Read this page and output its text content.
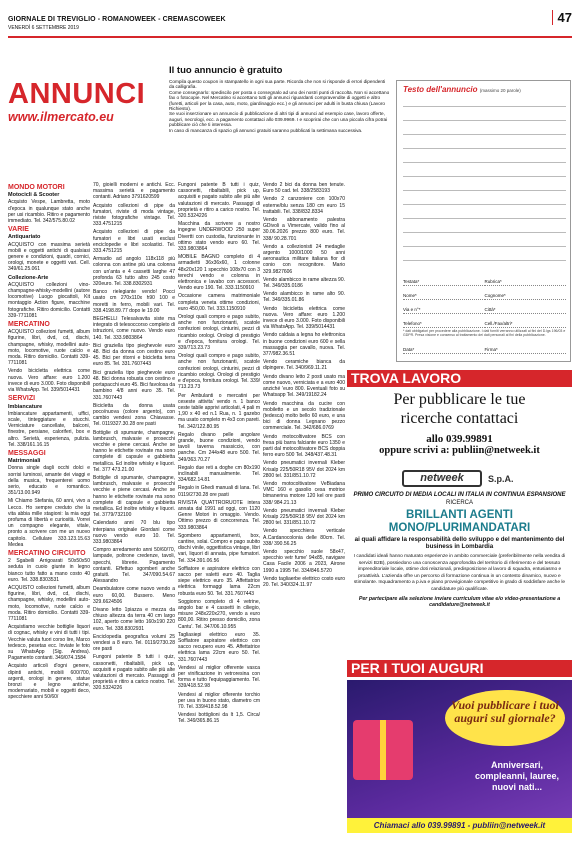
GIORNALE DI TREVIGLIO - ROMANOWEEK - CREMASCOWEEK
VENERDÌ 6 SETTEMBRE 2019
47
ANNUNCI
www.ilmercato.eu
Il tuo annuncio è gratuito

Compila questo coupon in stampatello in ogni sua parte. Ricorda che non si risponde di errori dipendenti da calligrafia.

Come consegnarlo: spediscilo per posta o consegnalo ad uno dei nostri punti di raccolta. Non si accettano fax o fotocopie. Nel Mercatino si accettano tutti gli annunci riguardanti compravendite di oggetti e altro (furetti, articoli per la casa, auto, moto, giardinaggio ecc.) e gli annunci per adulti in busta chiusa (Lavoro Richiesto).

Se vuoi inserzionare un annuncio di pubblicazione di altri tipi di annunci ad esempio case, lavoro offerte, auguri, necrologi, ecc. a pagamento contattaci allo 039.9969. I e scoprirai che con una piccola cifra potrai pubblicare ciò che ti interessa.

In caso di mancanza di spazio gli annunci gratuiti saranno pubblicati la settimana successiva.

Testo dell'annuncio (massimo 20 parole)
Testata*	Rubrica*
Nome*	Cognome*
Via e n°*	Città*
Telefono*	Cell./Fax/altri*
* dati obbligatori per procedere alla pubblicazione. I dati forniti verranno utilizzati ai fini del D.lgs 196/03 e GDPR. Presa visione e consenso al trattamento dei dati personali ai fini della pubblicazione.
Data*	Firma*
MONDO MOTORI
Motocicli & Scooter

Acquisto Vespe, Lambretta, moto d'epoca in qualunque stato anche per usi ricambio. Ritiro e pagamento immediato. Tel. 342/575.80.02

VARIE
Antiquariato

ACQUISTO con massima serietà mobili e oggetti antichi di qualsiasi genere e condizioni, quadri, cornici, orologi, monete e oggetti vari. Cell. 349/61.25.061

Collezione-Arte

ACQUISTO collezioni vino-champagne-whisky-modellini (autore locomotive) Luogo giocattoli, Kit montaggio Action figure, macchine fotografiche. Ritiro domicilio. Contatti 339-7711081

MERCATINO

ACQUISTO collezioni fumetti, album figurine, libri, dvd, cd, dischi, champagne, whisky, modellini auto-moto, locomotive, ruote calcio e moda. Ritiro domicilio. Contatti 339-7711081

Vendo bicicletta elettrica come nuova. Vero affare: euro 1.200 invece di euro 3.000. Foto disponibili via WhatsApp. Tel. 339/5014431

SERVIZI
Imbiancature

Imbiancature appartamenti, uffici, scale, tinteggiature e stucchi. Verniciature cancellate, balconi, finestre, persiane, caloriferi, box e altro. Serietà, esperienza, pulizia. Tel. 338/161.16.15

MESSAGGI
Matrimoniali

Donna single dagli occhi dolci e sorrisi luminosi, amante dei viaggi e della musica, frequenterei uomo serio, educato e romantico. 351/13.00.949

Mi Chiamo Stefania, 60 anni, vivo a Lecco. Ho sempre creduto che la vita abbia mille stagioni: la mia oggi profuma di libertà e curiosità. Vorrei un compagno elegante, vitale, pronto a scrivere con me un nuovo capitolo. Cellulare 333.123.15.63 Medea

MERCATINO CIRCUITO

2 Sgabelli Arrigoarati 50x50x50 seduta in cuoio giunte in legno bianco tutto fatto a mano costo 40 euro. Tel. 338.8303531

ACQUISTO collezioni fumetti, album figurine, libri, dvd, cd, dischi, champagne, whisky, modellini auto-moto, locomotive, ruote calcio e moda. Ritiro domicilio. Contatti 339-7711081

Acquistiamo vecchie bottiglie liquori di cognac, whisky e vini di tutti i tipi. Vecchie valuta fuori corso lire, Marco tedesco, pesetas ecc. Inviate le foto su WhatsApp (Sig. Andrea). Pagamento contanti. 349/074.1584

Acquisto articoli d'ogni genere, dipinti antichi, mobili 600/700, argenti, orologi in genere, statue bronzi e legno antiche, modernariato, mobili e oggetti deco, specchiere anni 50/60/

70, gioielli moderni e antichi. Ecc. massima serietà e pagamento contanti. Adriano 3791620599

Acquisto collezioni di pipe da fumatori, riviste di moda vintage, riviste fotografiche vintage. Tel. 333.4751215

Acquisto collezioni di pipe da fumatori e libri usati esclusi enciclopedie e libri scolastici. Tel. 333.4751215

Armadio ad angolo 118x118 più colonna con antine più una colonna con un'anta e 4 cassetti larghe 47 profonda 63 tutto altro 245 costo 320euro. Tel. 338.8302931

Banco rielegiante vendo! Pocci usato cm 270x110x h90 100 e moretti in ferro, mobili vari. Tel. 338.4198.89.77 dopo le 19.00

BEGHELLI Telesalvavita siste ma integrato di telesoccorso completo di istruzioni, come nuovo. Vendo euro 140. Tel. 333.9803864

Bici graziella tipo pieghevole euro 48. Bici da donna con cestino euro 45. Bici per ritorni e bicicletta terra euro 85. Tel. 331.7607443

Bici graziella tipo pieghevole euro 48. Bici donna robusta con cestino e portapacchi euro 45. Bici favolosa da bambino 4/8 anni euro 35. Tel. 331.7607443

Bicicletta da donna usata poco/nuova (colore argento), con cambio vendesi zona Chiavasse. Tel. 0119327.30.28 ore pasti

Bottiglie di spumante, champagne, lambrusch, malvasie e prosecchi vecchie e piene cercasi. Anche se hanno le etichette rovinate ma sono complete di capsule e gabbietta metallica. Ed inoltre whisky e liquori. Tel. 377 473.21.00

Bottiglie di spumante, champagne, lambrusch, malvasie e prosecchi vecchie e piene cercasi. Anche se hanno le etichette rovinate ma sono complete di capsule e gabbietta metallica. Ed inoltre whisky e liquori. Tel. 3779/732100

Calendario anni 70 blu tipo interpiana originale Giordani come nuovo vendo euro 10. Tel. 333.9803864

Compro arredamento anni 50/60/70, lampade, poltrone credenze, tavoli, specchi, librerie. Pagamento contanti. Effettuo sgomberi anche gratuiti. Tel. 347/090.54.67 Alessandro

Deambulatore come nuovo vendo a euro 60,00. Bussero. Meno 329.6624506

Divano letto 1piazza e mezza da chiuso altezza da terra 40 cm largo 102, aperto come letto 160x190 220 euro. Tel. 338.8302931

Enciclopedia geografica volumi 25 vendesi a 8 euro. Tel. 0119/2730.28 ore pasti

Fungoni patente B tutti i quiz, cassonetti, ribaltabili, pick up, acquisiti e pagato subito alle più alte valutazioni di mercato. Passaggi di proprietà e ritiro a carico nostro. Tel. 320.5324226

Fungoni patente B tutti i quiz, cassonetti, ribaltabili, pick up, acquisiti e pagato subito alle più alte valutazioni di mercato. Passaggi di proprietà e ritiro a carico nostro. Tel. 320.5324226

Macchina da scrivere a nostro ingegne UNDERWOOD 250 super Divertti con custodia, funzionante in ottimo stato vendo euro 60. Tel. 333.9803864

MOBILE BAGNO completo di 4 armadietti 36x36x60, 1 colonne 48x20x120 1 specchio 108x70 con 3 terechi vendo e colonna in elettronica e lavabo con accessori. Vendo euro 190. Tel. 333.1150910

Occasione camera matrimoniale completa veneta ottime condizioni, euro 450,00. Tel. 333.1150910

Orologi quali compro e pago subito, anche non funzionanti, scatole confezioni orologi, cinturini, pezzi di ricambio orologi. Orologi di prestigio e d'epoca, fornitura orologi. Tel. 339/713.23.73

Orologi quali compro e pago subito, anche non funzionanti, scatole confezioni orologi, cinturini, pezzi di ricambio orologi. Orologi di prestigio e d'epoca, fornitura orologi. Tel. 339/ 713.23.73

Per Ambulanti o mercatini per ceseste attivita' vendo n. 1 banco ceste tabile apprivi articolati, 4 pali m 1,90 x 40 ed n.1 Rua, n. 1 gazebo ma usato completo m 4x3 con pareti. Tel. 342/122.80.95

Regalo divano pelle angolare grande, buone condizioni, vendo tavoli taverna massiccio, con panche. Cm 244x48 euro 500. Tel. 349/363.70.27

Regalo due reti a doghe cm 80x190 inclinabili manualmente. Tel. 334/682.14.81

Regalo in Ghedi manuali di lana. Tel. 0119/2730.28 ore pasti

RIVISTA QUATTRORUOTE intera annata dal 1991 ad oggi, con 1120 Genre Motori in omaggio. Vendo. Ottimo prezzo di concorrenza. Tel. 333.9803864

Sgombero appartamenti, box, cantine, solai. Compro e pago subito dischi vinile, oggettistica vintage, libri vari, liquori di annata, pipe fumatori. Tel. 334.391.06.56

Soffiatore e aspiratore elettrico con sacco per valetti euro 40. Taglia siepe elettrico euro 35. Affettatrice elettrica formaggi lama 22cm robusta euro 50. Tel. 331.7607443

Soggiorno completo di 4 vetrine, angolo bar e 4 cassetti in ciliegio, misure 248x220x270, vendo a euro 800,00. Ritiro presso domicilio, zona Cantu'. Tel. 347/06.10.955

Tagliasiepi elettrico euro 35. Soffiatore aspiratore elettrico con sacco recupero euro 45. Affettatrice elettrica lama 22cm euro 50. Tel. 331.7607443

Vendesi al miglior offerente vasca per vinificazione in vetroresina con forma e tutto l'equipaggiamento. Tel. 339/418.52.98

Vendesi al miglior offerente torchio per uva in buono stato, diametro cm 70. Tel. 339/418.52.98

Vendesi bottiglioni da lt 1,5. Circa/ Tel. 349/365.86.15

Vendo 2 bici da donna ben tenute. Euro 50 cad. tel. 338/2583193

Vendo 2 canzoniere con 100x70 esterne/blu senza 180 cm euro 15 trattabili. Tel. 338/832.8334

Vendo abbonamento palestra GDivoli a Vimercate, valido fino al 30.06.2026 prezzo 800 euro. Tel. 338/ 90.28.701

Vendo a collezionisti 24 medaglie argento 1000/1000 50 anni aeronautica militare italiana fior di conio con recognitore. Mario 329.9827606

Vendo alambicco in rame altezza 90. Tel. 349/335.0186

Vendo alambicco in rame alto 90. Tel. 349/335.01.86

Vendo bicicletta elettrica come nuova. Vero affare: euro 1.200 invece di euro 3.000. Foto disponibili via WhatsApp. Tel. 339/5014431

Vendo caldaia a legna ho elettronica in buone condizioni euro 600 e sella massaggia per cavallo, nuova. Tel. 377/982.36.51

Vendo ceramiche bianca da dipingere. Tel. 340/969.11.21

Vendo divano letto 2 posti usato ma come nuovo, verniciata e a euro 400 anziché 'euro 800. Eventuali foto su Whatsapp Tel. 349/19182.24

Vendo macchina da cucire con mobiletto e un secolo tradizionale (tedesca) molto bello 60 euro, e una bici di donna Legnano pezzo commerciale. Tel. 342/686.0769

Vendo motocoltivatore BCS con fresa più barra falciante euro 1350 e parti dal motocoltivatore BCS doppia ferro euro 500 Tel. 348/437.48.31

Vendo pneumatici invernali Kleber Krisalp 225/50R18 95V dot 2024 km 2800 tel. 331/851.10.72

Vendo motocoltivatore VeBiadana VMC 160 e gasolio cesa motrice bimanerina motore 120 kel ore pasti 338/ 984.21.13

Vendo pneumatici invernali Kleber Krisalp 225/50R18 95V dot 2024 km 2800 tel. 331/851.10.72

Vendo specchiera verticale A.Cardanocolonia delle 80cm. Tel. 338/ 390.56.25

Vendo specchio suole 58x47, specchio vetr fume' 94x85, navigare Casa Facile 2006 a 2023, Airone 1990 a 1995 Tel. 334/846.5720

Vendo tagliaerbe elettrico costo euro 20. Tel. 340/324.11.97

TROVA LAVORO
Per pubblicare le tue
ricerche contattaci
allo 039.99891
oppure scrivi a: publiin@netweek.it
netweek	S.p.A.
PRIMO CIRCUITO DI MEDIA LOCALI IN ITALIA IN CONTINUA ESPANSIONE
RICERCA
BRILLANTI AGENTI MONO/PLURIMANDATARI
ai quali affidare la responsabilità dello sviluppo e del mantenimento del business in Lombardia
I candidati ideali hanno maturato esperienze in ambito commerciale (preferibilmente nella vendita di servizi B2B), possiedono una conoscenza approfondita del territorio di riferimento e del tessuto imprenditoriale locale, ottime doti relazionali, predisposizione al lavoro di squadra, entusiasmo e proattività. L'azienda offre un percorso di formazione continua in un contesto dinamico, nuovo e stimolante. Inquadramento a p.iva e piano provvigionale competitivo in grado di soddisfare anche le candidature più qualificate.
Per partecipare alla selezione inviare curriculum vitae e/o video-presentazione a candidature@netweek.it
PER I TUOI AUGURI
Vuoi pubblicare i tuoi auguri sul giornale?
Anniversari, compleanni, lauree, nuovi nati...
Chiamaci allo 039.99891 - publiin@netweek.it
